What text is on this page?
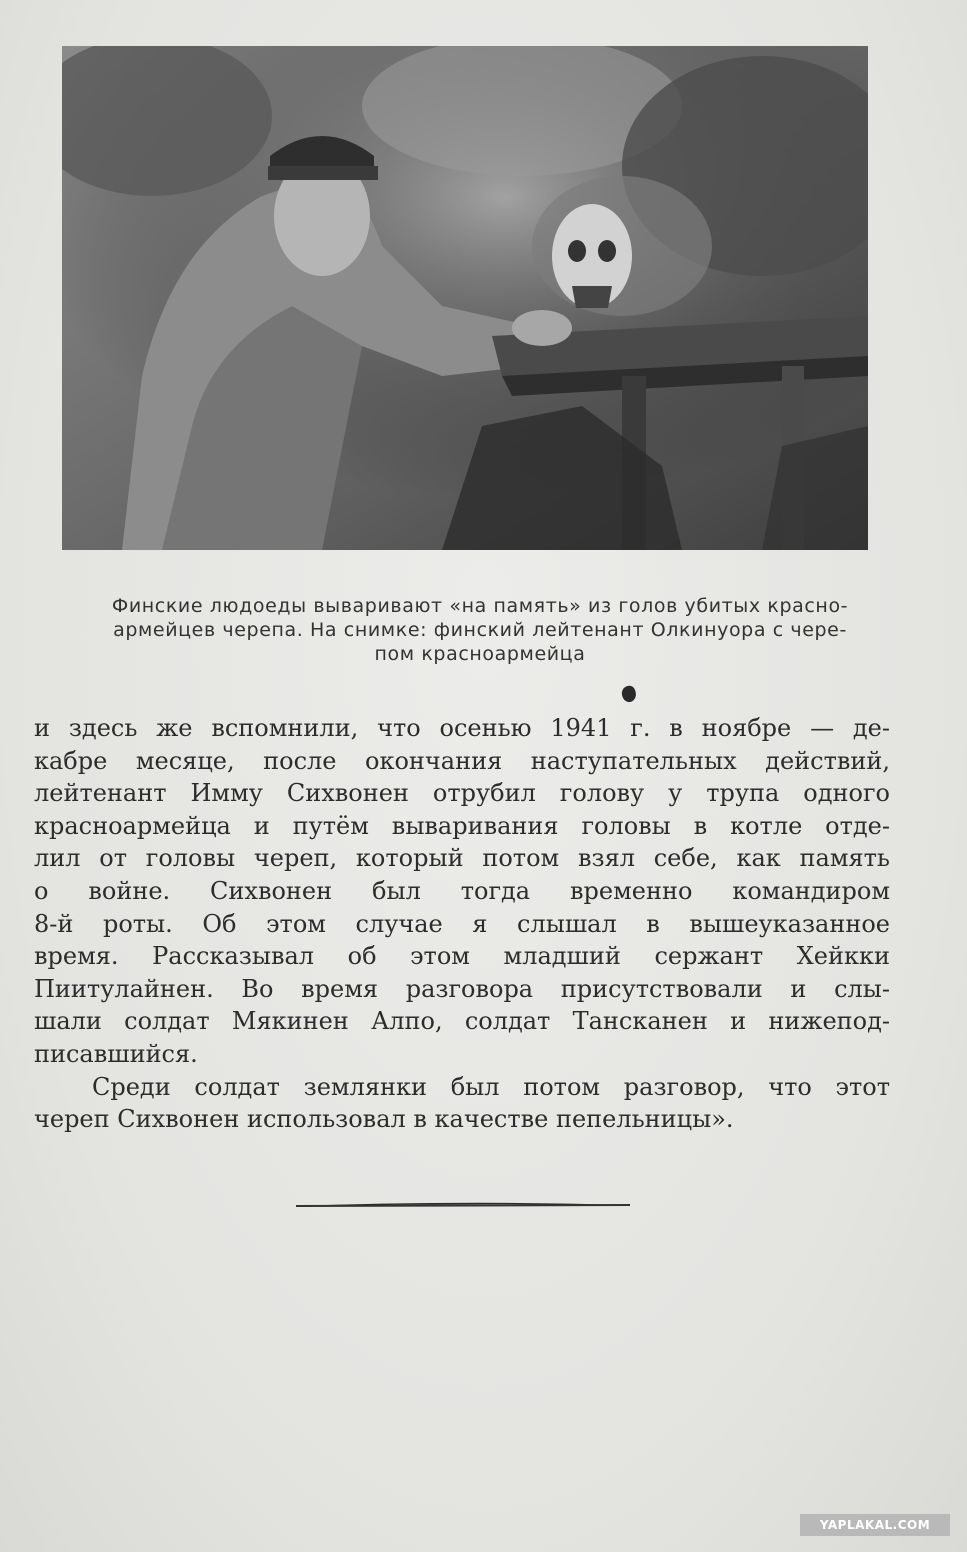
Финские людоеды вываривают «на память» из голов убитых красно-
армейцев черепа. На снимке: финский лейтенант Олкинуора с чере-
пом красноармейца
и здесь же вспомнили, что осенью 1941 г. в ноябре — де-
кабре месяце, после окончания наступательных действий,
лейтенант Имму Сихвонен отрубил голову у трупа одного
красноармейца и путём вываривания головы в котле отде-
лил от головы череп, который потом взял себе, как память
о войне. Сихвонен был тогда временно командиром
8-й роты. Об этом случае я слышал в вышеуказанное
время. Рассказывал об этом младший сержант Хейкки
Пиитулайнен. Во время разговора присутствовали и слы-
шали солдат Мякинен Алпо, солдат Тансканен и нижепод-
писавшийся.
Среди солдат землянки был потом разговор, что этот
череп Сихвонен использовал в качестве пепельницы».
YAPLAKAL.COM
